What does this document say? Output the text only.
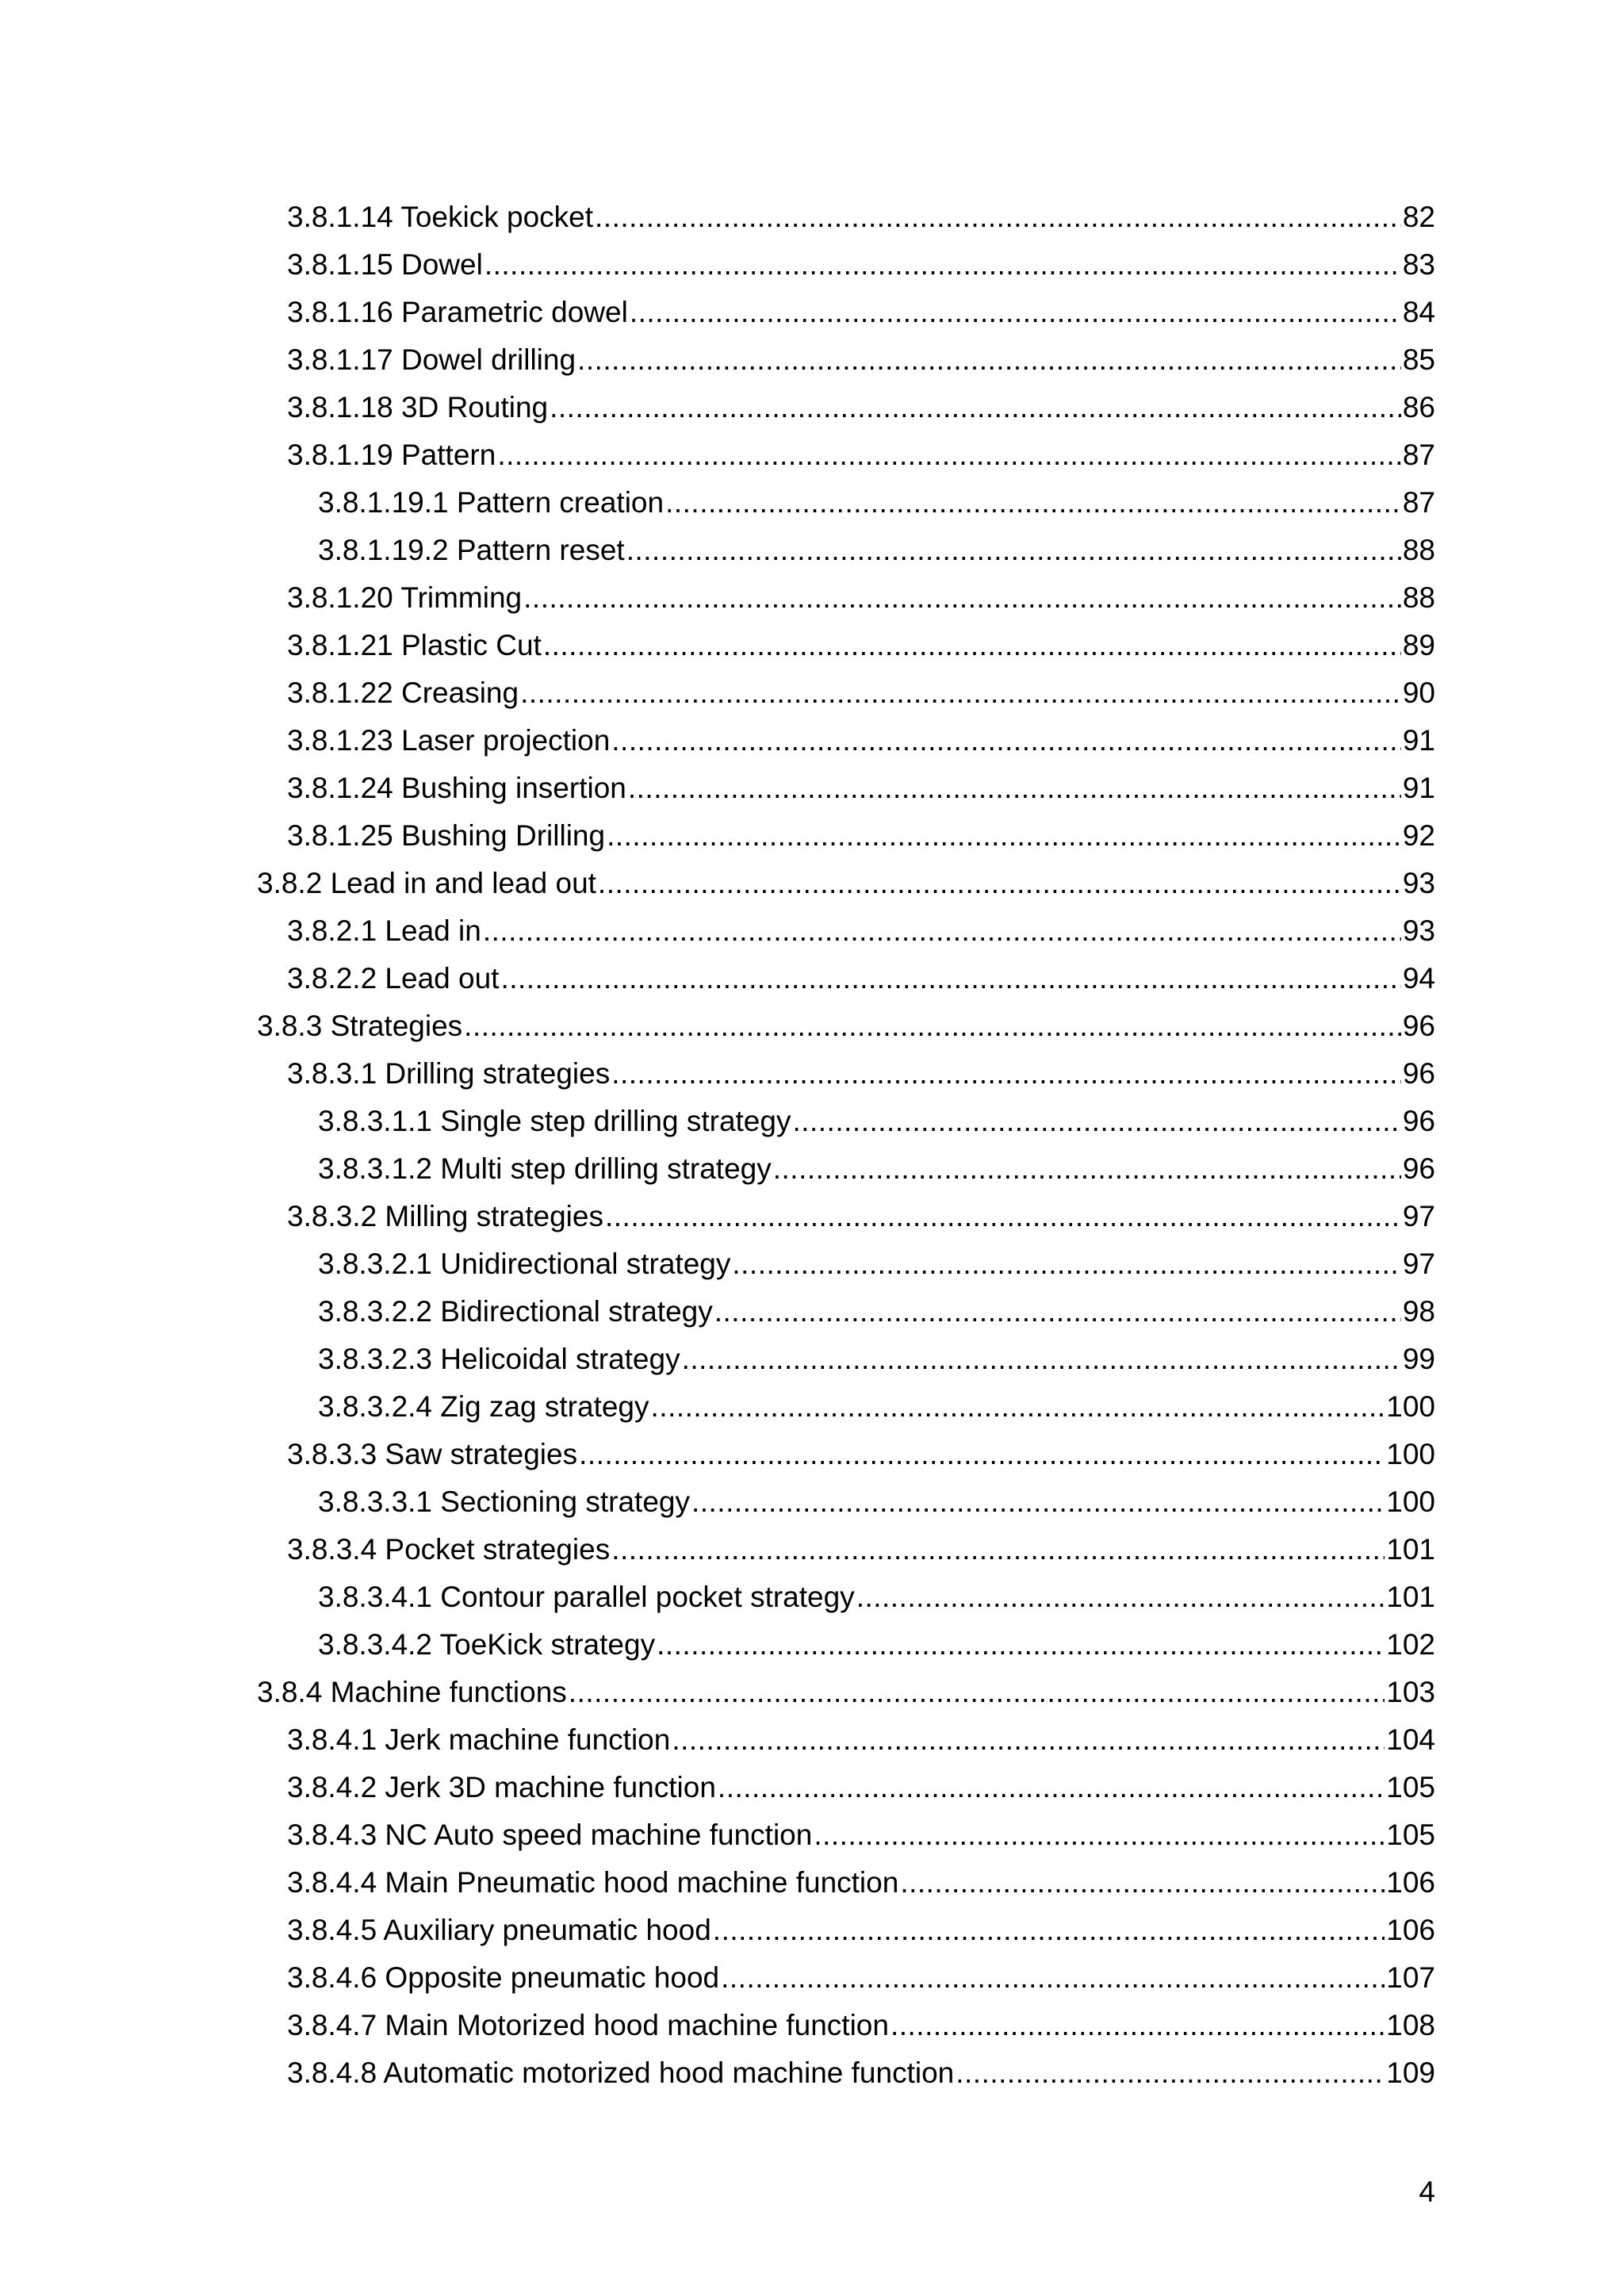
3.8.1.14 Toekick pocket .....	82
3.8.1.15 Dowel .....	83
3.8.1.16 Parametric dowel .....	84
3.8.1.17 Dowel drilling .....	85
3.8.1.18 3D Routing .....	86
3.8.1.19 Pattern .....	87
3.8.1.19.1 Pattern creation .....	87
3.8.1.19.2 Pattern reset .....	88
3.8.1.20 Trimming .....	88
3.8.1.21 Plastic Cut .....	89
3.8.1.22 Creasing .....	90
3.8.1.23 Laser projection .....	91
3.8.1.24 Bushing insertion .....	91
3.8.1.25 Bushing Drilling .....	92
3.8.2 Lead in and lead out .....	93
3.8.2.1 Lead in .....	93
3.8.2.2 Lead out .....	94
3.8.3 Strategies .....	96
3.8.3.1 Drilling strategies .....	96
3.8.3.1.1 Single step drilling strategy .....	96
3.8.3.1.2 Multi step drilling strategy .....	96
3.8.3.2 Milling strategies .....	97
3.8.3.2.1 Unidirectional strategy .....	97
3.8.3.2.2 Bidirectional strategy .....	98
3.8.3.2.3 Helicoidal strategy .....	99
3.8.3.2.4 Zig zag strategy .....	100
3.8.3.3 Saw strategies .....	100
3.8.3.3.1 Sectioning strategy .....	100
3.8.3.4 Pocket strategies .....	101
3.8.3.4.1 Contour parallel pocket strategy .....	101
3.8.3.4.2 ToeKick strategy .....	102
3.8.4 Machine functions .....	103
3.8.4.1 Jerk machine function .....	104
3.8.4.2 Jerk 3D machine function .....	105
3.8.4.3 NC Auto speed machine function .....	105
3.8.4.4 Main Pneumatic hood machine function .....	106
3.8.4.5 Auxiliary pneumatic hood .....	106
3.8.4.6 Opposite pneumatic hood .....	107
3.8.4.7 Main Motorized hood machine function .....	108
3.8.4.8 Automatic motorized hood machine function .....	109
4
